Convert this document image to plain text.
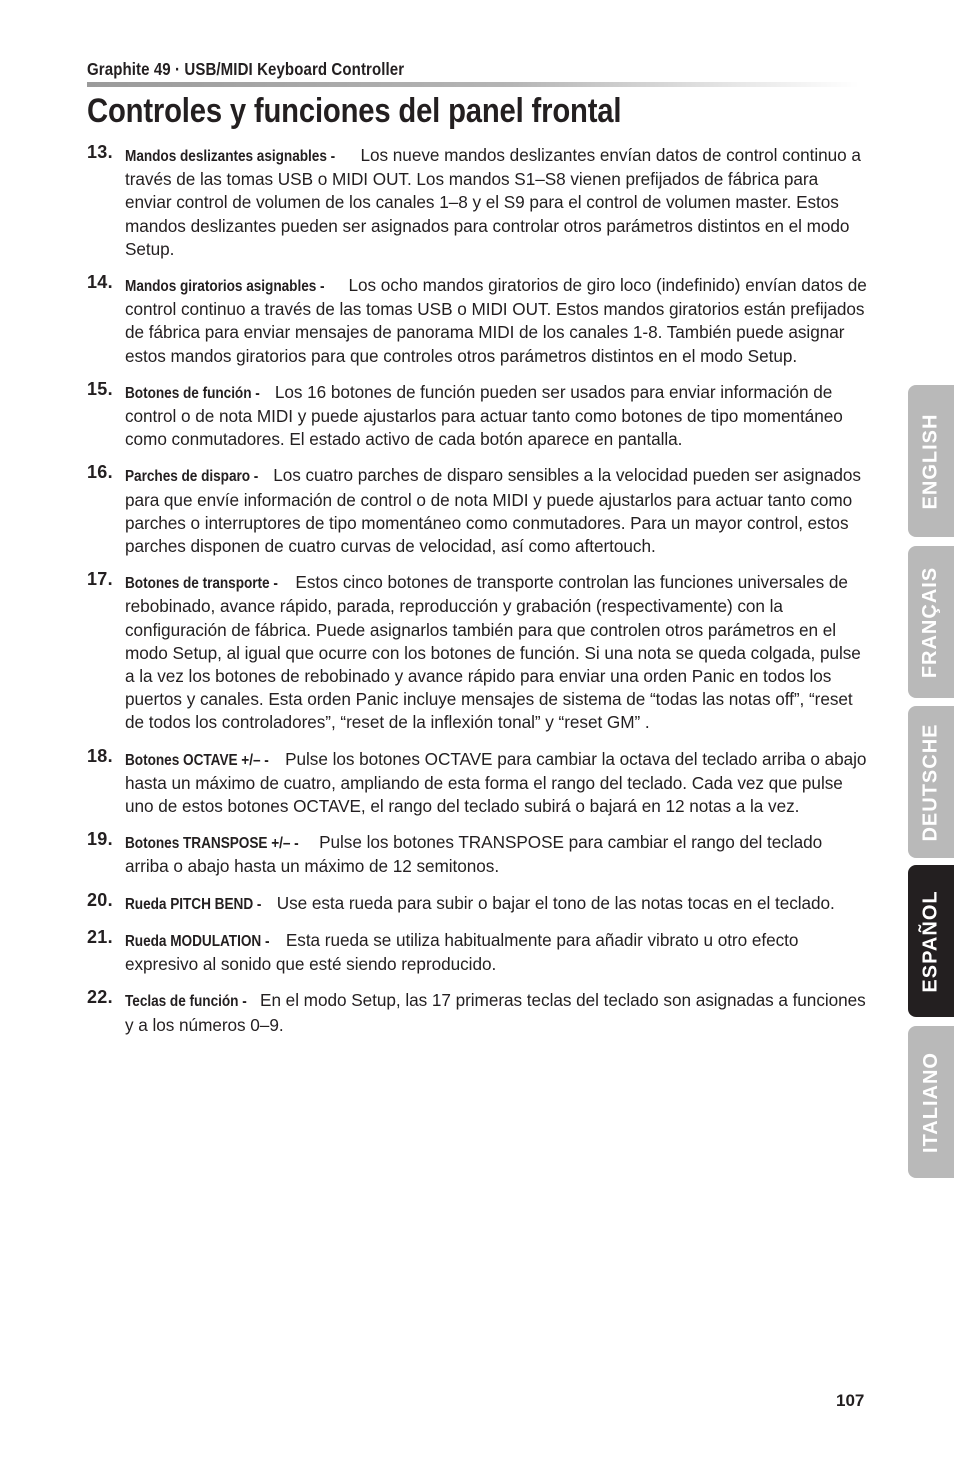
Graphite 49 · USB/MIDI Keyboard Controller
Controles y funciones del panel frontal
13. Mandos deslizantes asignables - Los nueve mandos deslizantes envían datos de control continuo a través de las tomas USB o MIDI OUT. Los mandos S1–S8 vienen prefijados de fábrica para enviar control de volumen de los canales 1–8 y el S9 para el control de volumen master. Estos mandos deslizantes pueden ser asignados para controlar otros parámetros distintos en el modo Setup.

14. Mandos giratorios asignables - Los ocho mandos giratorios de giro loco (indefinido) envían datos de control continuo a través de las tomas USB o MIDI OUT. Estos mandos giratorios están prefijados de fábrica para enviar mensajes de panorama MIDI de los canales 1-8. También puede asignar estos mandos giratorios para que controles otros parámetros distintos en el modo Setup.

15. Botones de función - Los 16 botones de función pueden ser usados para enviar información de control o de nota MIDI y puede ajustarlos para actuar tanto como botones de tipo momentáneo como conmutadores. El estado activo de cada botón aparece en pantalla.

16. Parches de disparo - Los cuatro parches de disparo sensibles a la velocidad pueden ser asignados para que envíe información de control o de nota MIDI y puede ajustarlos para actuar tanto como parches o interruptores de tipo momentáneo como conmutadores. Para un mayor control, estos parches disponen de cuatro curvas de velocidad, así como aftertouch.

17. Botones de transporte - Estos cinco botones de transporte controlan las funciones universales de rebobinado, avance rápido, parada, reproducción y grabación (respectivamente) con la configuración de fábrica. Puede asignarlos también para que controlen otros parámetros en el modo Setup, al igual que ocurre con los botones de función. Si una nota se queda colgada, pulse a la vez los botones de rebobinado y avance rápido para enviar una orden Panic en todos los puertos y canales. Esta orden Panic incluye mensajes de sistema de “todas las notas off”, “reset de todos los controladores”, “reset de la inflexión tonal” y “reset GM” .

18. Botones OCTAVE +/– - Pulse los botones OCTAVE para cambiar la octava del teclado arriba o abajo hasta un máximo de cuatro, ampliando de esta forma el rango del teclado. Cada vez que pulse uno de estos botones OCTAVE, el rango del teclado subirá o bajará en 12 notas a la vez.

19. Botones TRANSPOSE +/– - Pulse los botones TRANSPOSE para cambiar el rango del teclado arriba o abajo hasta un máximo de 12 semitonos.

20. Rueda PITCH BEND - Use esta rueda para subir o bajar el tono de las notas tocas en el teclado.

21. Rueda MODULATION - Esta rueda se utiliza habitualmente para añadir vibrato u otro efecto expresivo al sonido que esté siendo reproducido.

22. Teclas de función - En el modo Setup, las 17 primeras teclas del teclado son asignadas a funciones y a los números 0–9.

ENGLISH
FRANÇAIS
DEUTSCHE
ESPAÑOL
ITALIANO
107
